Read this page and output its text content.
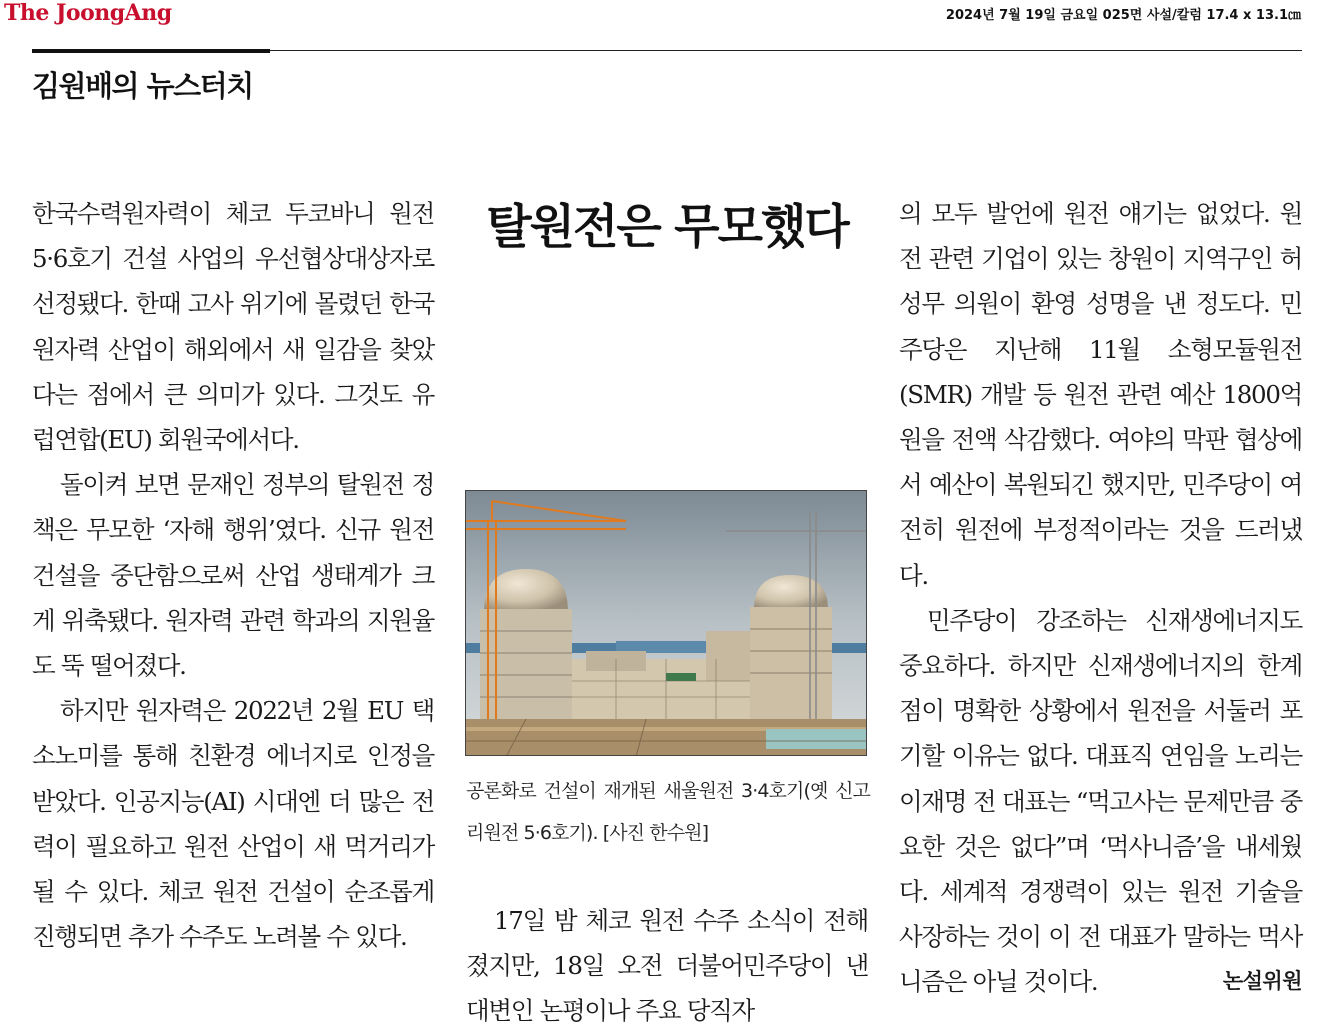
The JoongAng	2024년 7월 19일 금요일 025면 사설/칼럼 17.4 x 13.1㎝
김원배의 뉴스터치

한국수력원자력이 체코 두코바니 원전 5·6호기 건설 사업의 우선협상대상자로 선정됐다. 한때 고사 위기에 몰렸던 한국 원자력 산업이 해외에서 새 일감을 찾았다는 점에서 큰 의미가 있다. 그것도 유럽연합(EU) 회원국에서다.

돌이켜 보면 문재인 정부의 탈원전 정책은 무모한 ‘자해 행위’였다. 신규 원전 건설을 중단함으로써 산업 생태계가 크게 위축됐다. 원자력 관련 학과의 지원율도 뚝 떨어졌다.

하지만 원자력은 2022년 2월 EU 택소노미를 통해 친환경 에너지로 인정을 받았다. 인공지능(AI) 시대엔 더 많은 전력이 필요하고 원전 산업이 새 먹거리가 될 수 있다. 체코 원전 건설이 순조롭게 진행되면 추가 수주도 노려볼 수 있다.

탈원전은 무모했다
공론화로 건설이 재개된 새울원전 3·4호기(옛 신고리원전 5·6호기). [사진 한수원]

17일 밤 체코 원전 수주 소식이 전해졌지만, 18일 오전 더불어민주당이 낸 대변인 논평이나 주요 당직자

의 모두 발언에 원전 얘기는 없었다. 원전 관련 기업이 있는 창원이 지역구인 허성무 의원이 환영 성명을 낸 정도다. 민주당은 지난해 11월 소형모듈원전(SMR) 개발 등 원전 관련 예산 1800억원을 전액 삭감했다. 여야의 막판 협상에서 예산이 복원되긴 했지만, 민주당이 여전히 원전에 부정적이라는 것을 드러냈다.

민주당이 강조하는 신재생에너지도 중요하다. 하지만 신재생에너지의 한계점이 명확한 상황에서 원전을 서둘러 포기할 이유는 없다. 대표직 연임을 노리는 이재명 전 대표는 “먹고사는 문제만큼 중요한 것은 없다”며 ‘먹사니즘’을 내세웠다. 세계적 경쟁력이 있는 원전 기술을 사장하는 것이 이 전 대표가 말하는 먹사니즘은 아닐 것이다.	논설위원
